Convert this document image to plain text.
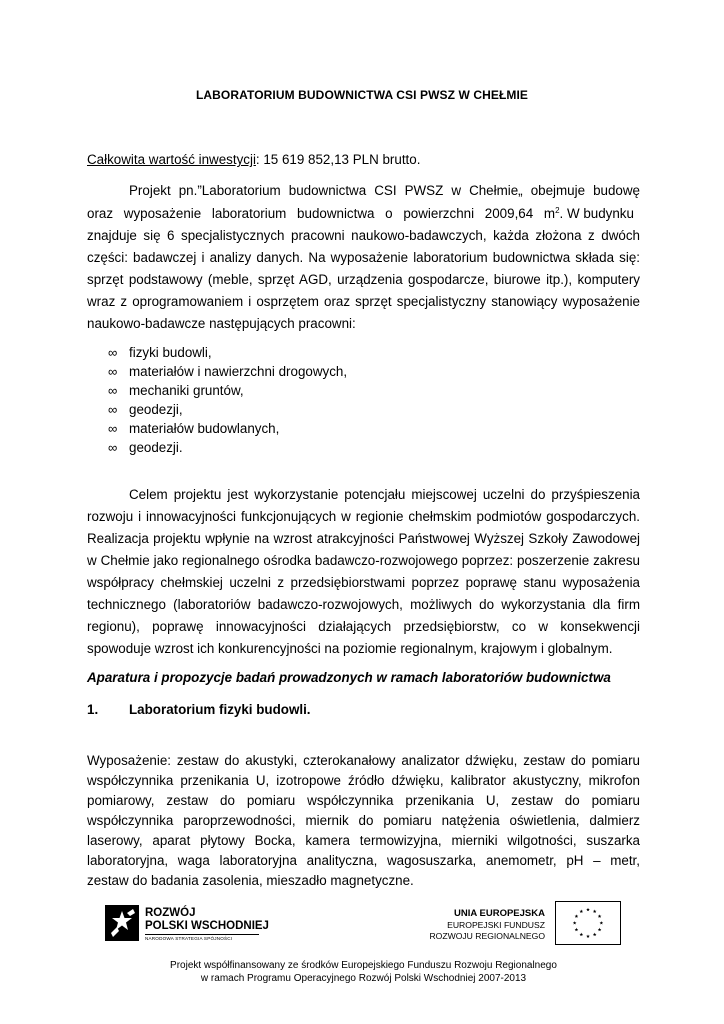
LABORATORIUM BUDOWNICTWA CSI PWSZ W CHEŁMIE
Całkowita wartość inwestycji: 15 619 852,13 PLN brutto.
Projekt pn.”Laboratorium budownictwa CSI PWSZ w Chełmie„ obejmuje budowę
oraz wyposażenie laboratorium budownictwa o powierzchni 2009,64 $m^2$. W budynku
znajduje się 6 specjalistycznych pracowni naukowo-badawczych, każda złożona z dwóch
części: badawczej i analizy danych. Na wyposażenie laboratorium budownictwa składa się:
sprzęt podstawowy (meble, sprzęt AGD, urządzenia gospodarcze, biurowe itp.), komputery
wraz z oprogramowaniem i osprzętem oraz sprzęt specjalistyczny stanowiący wyposażenie
naukowo-badawcze następujących pracowni:
∞ fizyki budowli,
∞ materiałów i nawierzchni drogowych,
∞ mechaniki gruntów,
∞ geodezji,
∞ materiałów budowlanych,
∞ geodezji.
Celem projektu jest wykorzystanie potencjału miejscowej uczelni do przyśpieszenia
rozwoju i innowacyjności funkcjonujących w regionie chełmskim podmiotów gospodarczych.
Realizacja projektu wpłynie na wzrost atrakcyjności Państwowej Wyższej Szkoły Zawodowej
w Chełmie jako regionalnego ośrodka badawczo-rozwojowego poprzez: poszerzenie zakresu
współpracy chełmskiej uczelni z przedsiębiorstwami poprzez poprawę stanu wyposażenia
technicznego (laboratoriów badawczo-rozwojowych, możliwych do wykorzystania dla firm
regionu), poprawę innowacyjności działających przedsiębiorstw, co w konsekwencji
spowoduje wzrost ich konkurencyjności na poziomie regionalnym, krajowym i globalnym.
Aparatura i propozycje badań prowadzonych w ramach laboratoriów budownictwa
1. Laboratorium fizyki budowli.
Wyposażenie: zestaw do akustyki, czterokanałowy analizator dźwięku, zestaw do pomiaru
współczynnika przenikania U, izotropowe źródło dźwięku, kalibrator akustyczny, mikrofon
pomiarowy, zestaw do pomiaru współczynnika przenikania U, zestaw do pomiaru
współczynnika paroprzewodności, miernik do pomiaru natężenia oświetlenia, dalmierz
laserowy, aparat płytowy Bocka, kamera termowizyjna, mierniki wilgotności, suszarka
laboratoryjna, waga laboratoryjna analityczna, wagosuszarka, anemometr, pH – metr,
zestaw do badania zasolenia, mieszadło magnetyczne.
ROZWÓJ
POLSKI WSCHODNIEJ
NARODOWA STRATEGIA SPÓJNOŚCI
UNIA EUROPEJSKA
EUROPEJSKI FUNDUSZ
ROZWOJU REGIONALNEGO
Projekt współfinansowany ze środków Europejskiego Funduszu Rozwoju Regionalnego
w ramach Programu Operacyjnego Rozwój Polski Wschodniej 2007-2013
